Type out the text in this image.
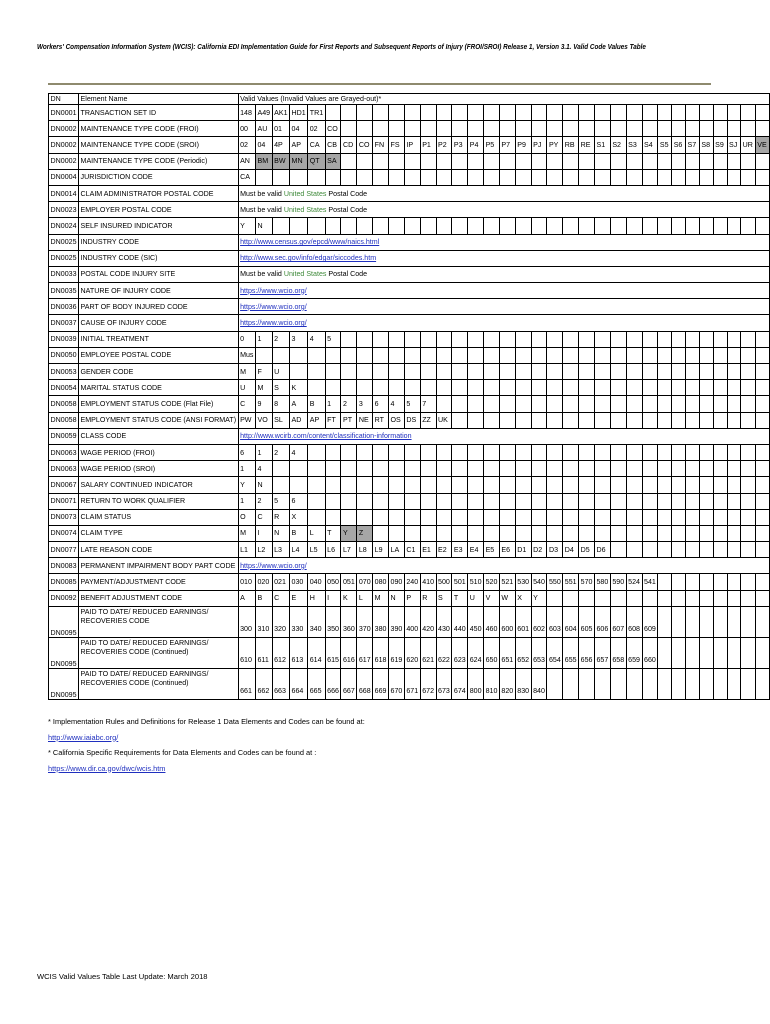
Workers' Compensation Information System (WCIS): California EDI Implementation Guide for First Reports and Subsequent Reports of Injury (FROI/SROI) Release 1, Version 3.1. Valid Code Values Table
DN	Element Name	Valid Values (Invalid Values are Grayed-out)*																																	
DN0001	TRANSACTION SET ID	148	A49	AK1	HD1	TR1																													
DN0002	MAINTENANCE TYPE CODE (FROI)	00	AU	01	04	02	CO																												
DN0002	MAINTENANCE TYPE CODE (SROI)	02	04	4P	AP	CA	CB	CD	CO	FN	FS	IP	P1	P2	P3	P4	P5	P7	P9	PJ	PY	RB	RE	S1	S2	S3	S4	S5	S6	S7	S8	S9	SJ	UR	VE
DN0002	MAINTENANCE TYPE CODE (Periodic)	AN	BM	BW	MN	QT	SA																												
DN0004	JURISDICTION CODE	CA																																	
DN0014	CLAIM ADMINISTRATOR POSTAL CODE	Must be valid United States Postal Code																																	
DN0023	EMPLOYER POSTAL CODE	Must be valid United States Postal Code																																	
DN0024	SELF INSURED INDICATOR	Y	N																																
DN0025	INDUSTRY CODE	http://www.census.gov/epcd/www/naics.html																																	
DN0025	INDUSTRY CODE (SIC)	http://www.sec.gov/info/edgar/siccodes.htm																																	
DN0033	POSTAL CODE INJURY SITE	Must be valid United States Postal Code																																	
DN0035	NATURE OF INJURY CODE	https://www.wcio.org/																																	
DN0036	PART OF BODY INJURED CODE	https://www.wcio.org/																																	
DN0037	CAUSE OF INJURY CODE	https://www.wcio.org/																																	
DN0039	INITIAL TREATMENT	0	1	2	3	4	5																												
DN0050	EMPLOYEE POSTAL CODE	Mus																																	
DN0053	GENDER CODE	M	F	U																															
DN0054	MARITAL STATUS CODE	U	M	S	K																														
DN0058	EMPLOYMENT STATUS CODE (Flat File)	C	9	8	A	B	1	2	3	6	4	5	7																						
DN0058	EMPLOYMENT STATUS CODE (ANSI FORMAT)	PW	VO	SL	AD	AP	FT	PT	NE	RT	OS	DS	ZZ	UK																					
DN0059	CLASS CODE	http://www.wcirb.com/content/classification-information																																	
DN0063	WAGE PERIOD (FROI)	6	1	2	4																														
DN0063	WAGE PERIOD (SROI)	1	4																																
DN0067	SALARY CONTINUED INDICATOR	Y	N																																
DN0071	RETURN TO WORK QUALIFIER	1	2	5	6																														
DN0073	CLAIM STATUS	O	C	R	X																														
DN0074	CLAIM TYPE	M	I	N	B	L	T	Y	Z																										
DN0077	LATE REASON CODE	L1	L2	L3	L4	L5	L6	L7	L8	L9	LA	C1	E1	E2	E3	E4	E5	E6	D1	D2	D3	D4	D5	D6											
DN0083	PERMANENT IMPAIRMENT BODY PART CODE	https://www.wcio.org/																																	
DN0085	PAYMENT/ADJUSTMENT CODE	010	020	021	030	040	050	051	070	080	090	240	410	500	501	510	520	521	530	540	550	551	570	580	590	524	541								
DN0092	BENEFIT ADJUSTMENT CODE	A	B	C	E	H	I	K	L	M	N	P	R	S	T	U	V	W	X	Y															
DN0095	PAID TO DATE/ REDUCED EARNINGS/ RECOVERIES CODE	300	310	320	330	340	350	360	370	380	390	400	420	430	440	450	460	600	601	602	603	604	605	606	607	608	609								
DN0095	PAID TO DATE/ REDUCED EARNINGS/ RECOVERIES CODE (Continued)	610	611	612	613	614	615	616	617	618	619	620	621	622	623	624	650	651	652	653	654	655	656	657	658	659	660								
DN0095	PAID TO DATE/ REDUCED EARNINGS/ RECOVERIES CODE (Continued)	661	662	663	664	665	666	667	668	669	670	671	672	673	674	800	810	820	830	840															
* Implementation Rules and Definitions for Release 1 Data Elements and Codes can be found at:
http://www.iaiabc.org/
* California Specific Requirements for Data Elements and Codes can be found at :
https://www.dir.ca.gov/dwc/wcis.htm
WCIS Valid Values Table Last Update: March 2018
